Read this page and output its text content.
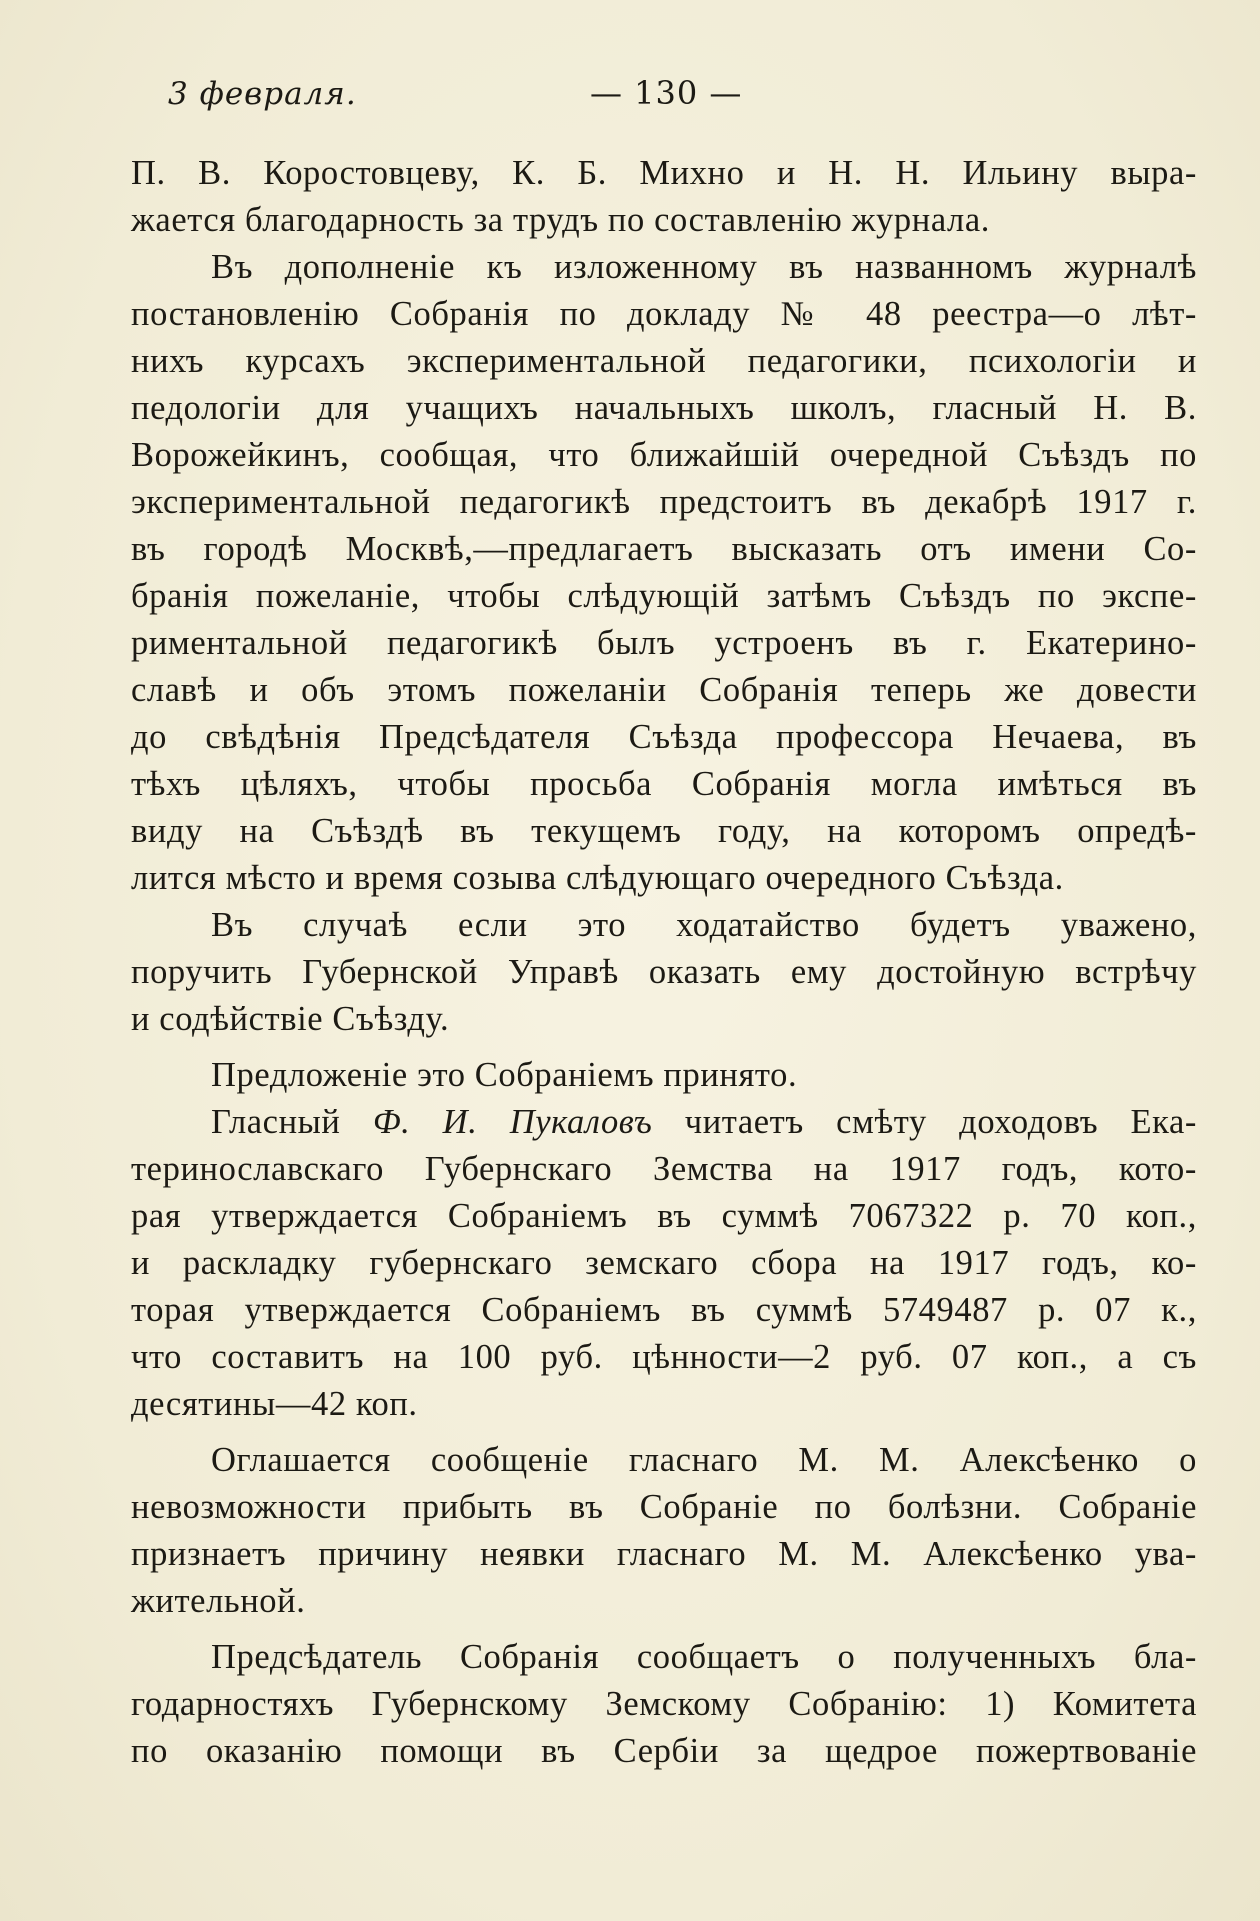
3 февраля.	— 130 —
П. В. Коростовцеву, К. Б. Михно и Н. Н. Ильину выра-
жается благодарность за трудъ по составленію журнала.
Въ дополненіе къ изложенному въ названномъ журналѣ
постановленію Собранія по докладу № 48 реестра—о лѣт-
нихъ курсахъ экспериментальной педагогики, психологіи и
педологіи для учащихъ начальныхъ школъ, гласный Н. В.
Ворожейкинъ, сообщая, что ближайшій очередной Съѣздъ по
экспериментальной педагогикѣ предстоитъ въ декабрѣ 1917 г.
въ городѣ Москвѣ,—предлагаетъ высказать отъ имени Со-
бранія пожеланіе, чтобы слѣдующій затѣмъ Съѣздъ по экспе-
риментальной педагогикѣ былъ устроенъ въ г. Екатерино-
славѣ и объ этомъ пожеланіи Собранія теперь же довести
до свѣдѣнія Предсѣдателя Съѣзда профессора Нечаева, въ
тѣхъ цѣляхъ, чтобы просьба Собранія могла имѣться въ
виду на Съѣздѣ въ текущемъ году, на которомъ опредѣ-
лится мѣсто и время созыва слѣдующаго очередного Съѣзда.
Въ случаѣ если это ходатайство будетъ уважено,
поручить Губернской Управѣ оказать ему достойную встрѣчу
и содѣйствіе Съѣзду.
Предложеніе это Собраніемъ принято.
Гласный Ф. И. Пукаловъ читаетъ смѣту доходовъ Ека-
теринославскаго Губернскаго Земства на 1917 годъ, кото-
рая утверждается Собраніемъ въ суммѣ 7067322 р. 70 коп.,
и раскладку губернскаго земскаго сбора на 1917 годъ, ко-
торая утверждается Собраніемъ въ суммѣ 5749487 р. 07 к.,
что составитъ на 100 руб. цѣнности—2 руб. 07 коп., а съ
десятины—42 коп.
Оглашается сообщеніе гласнаго М. М. Алексѣенко о
невозможности прибыть въ Собраніе по болѣзни. Собраніе
признаетъ причину неявки гласнаго М. М. Алексѣенко ува-
жительной.
Предсѣдатель Собранія сообщаетъ о полученныхъ бла-
годарностяхъ Губернскому Земскому Собранію: 1) Комитета
по оказанію помощи въ Сербіи за щедрое пожертвованіе
